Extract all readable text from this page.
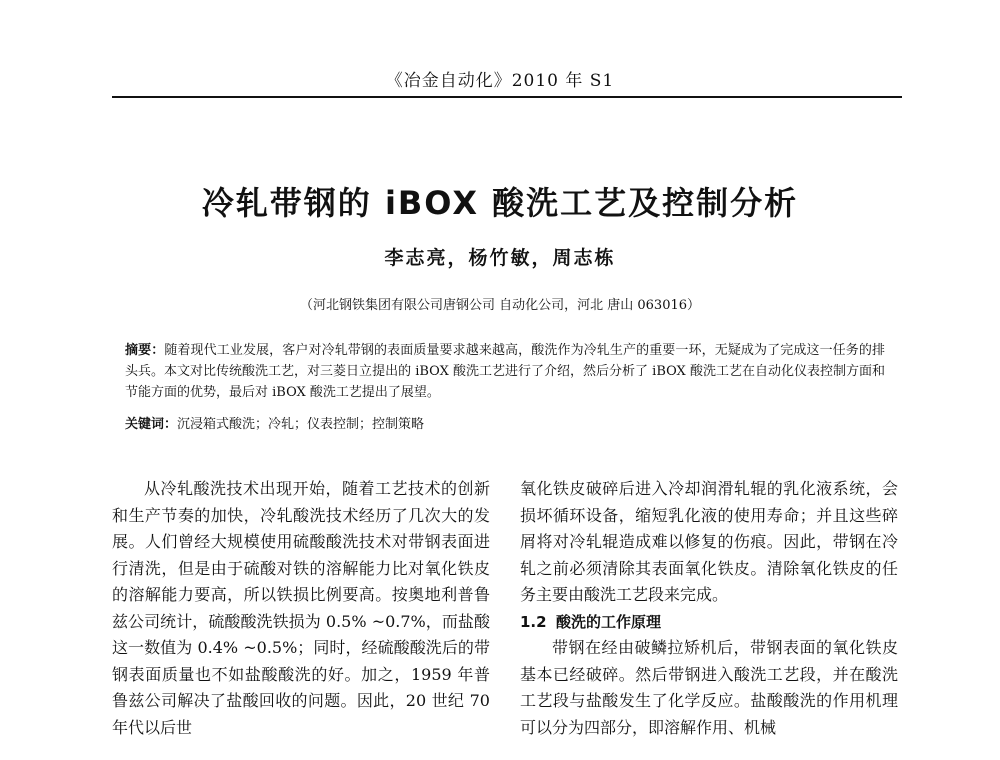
《冶金自动化》2010 年 S1
冷轧带钢的 iBOX 酸洗工艺及控制分析
李志亮，杨竹敏，周志栋
（河北钢铁集团有限公司唐钢公司 自动化公司，河北 唐山 063016）
摘要：随着现代工业发展，客户对冷轧带钢的表面质量要求越来越高，酸洗作为冷轧生产的重要一环，无疑成为了完成这一任务的排头兵。本文对比传统酸洗工艺，对三菱日立提出的 iBOX 酸洗工艺进行了介绍，然后分析了 iBOX 酸洗工艺在自动化仪表控制方面和节能方面的优势，最后对 iBOX 酸洗工艺提出了展望。
关键词：沉浸箱式酸洗；冷轧；仪表控制；控制策略

从冷轧酸洗技术出现开始，随着工艺技术的创新和生产节奏的加快，冷轧酸洗技术经历了几次大的发展。人们曾经大规模使用硫酸酸洗技术对带钢表面进行清洗，但是由于硫酸对铁的溶解能力比对氧化铁皮的溶解能力要高，所以铁损比例要高。按奥地利普鲁兹公司统计，硫酸酸洗铁损为 0.5% ~0.7%，而盐酸这一数值为 0.4% ~0.5%；同时，经硫酸酸洗后的带钢表面质量也不如盐酸酸洗的好。加之，1959 年普鲁兹公司解决了盐酸回收的问题。因此，20 世纪 70 年代以后世

氧化铁皮破碎后进入冷却润滑轧辊的乳化液系统，会损坏循环设备，缩短乳化液的使用寿命；并且这些碎屑将对冷轧辊造成难以修复的伤痕。因此，带钢在冷轧之前必须清除其表面氧化铁皮。清除氧化铁皮的任务主要由酸洗工艺段来完成。

1.2 酸洗的工作原理

带钢在经由破鳞拉矫机后，带钢表面的氧化铁皮基本已经破碎。然后带钢进入酸洗工艺段，并在酸洗工艺段与盐酸发生了化学反应。盐酸酸洗的作用机理可以分为四部分，即溶解作用、机械
